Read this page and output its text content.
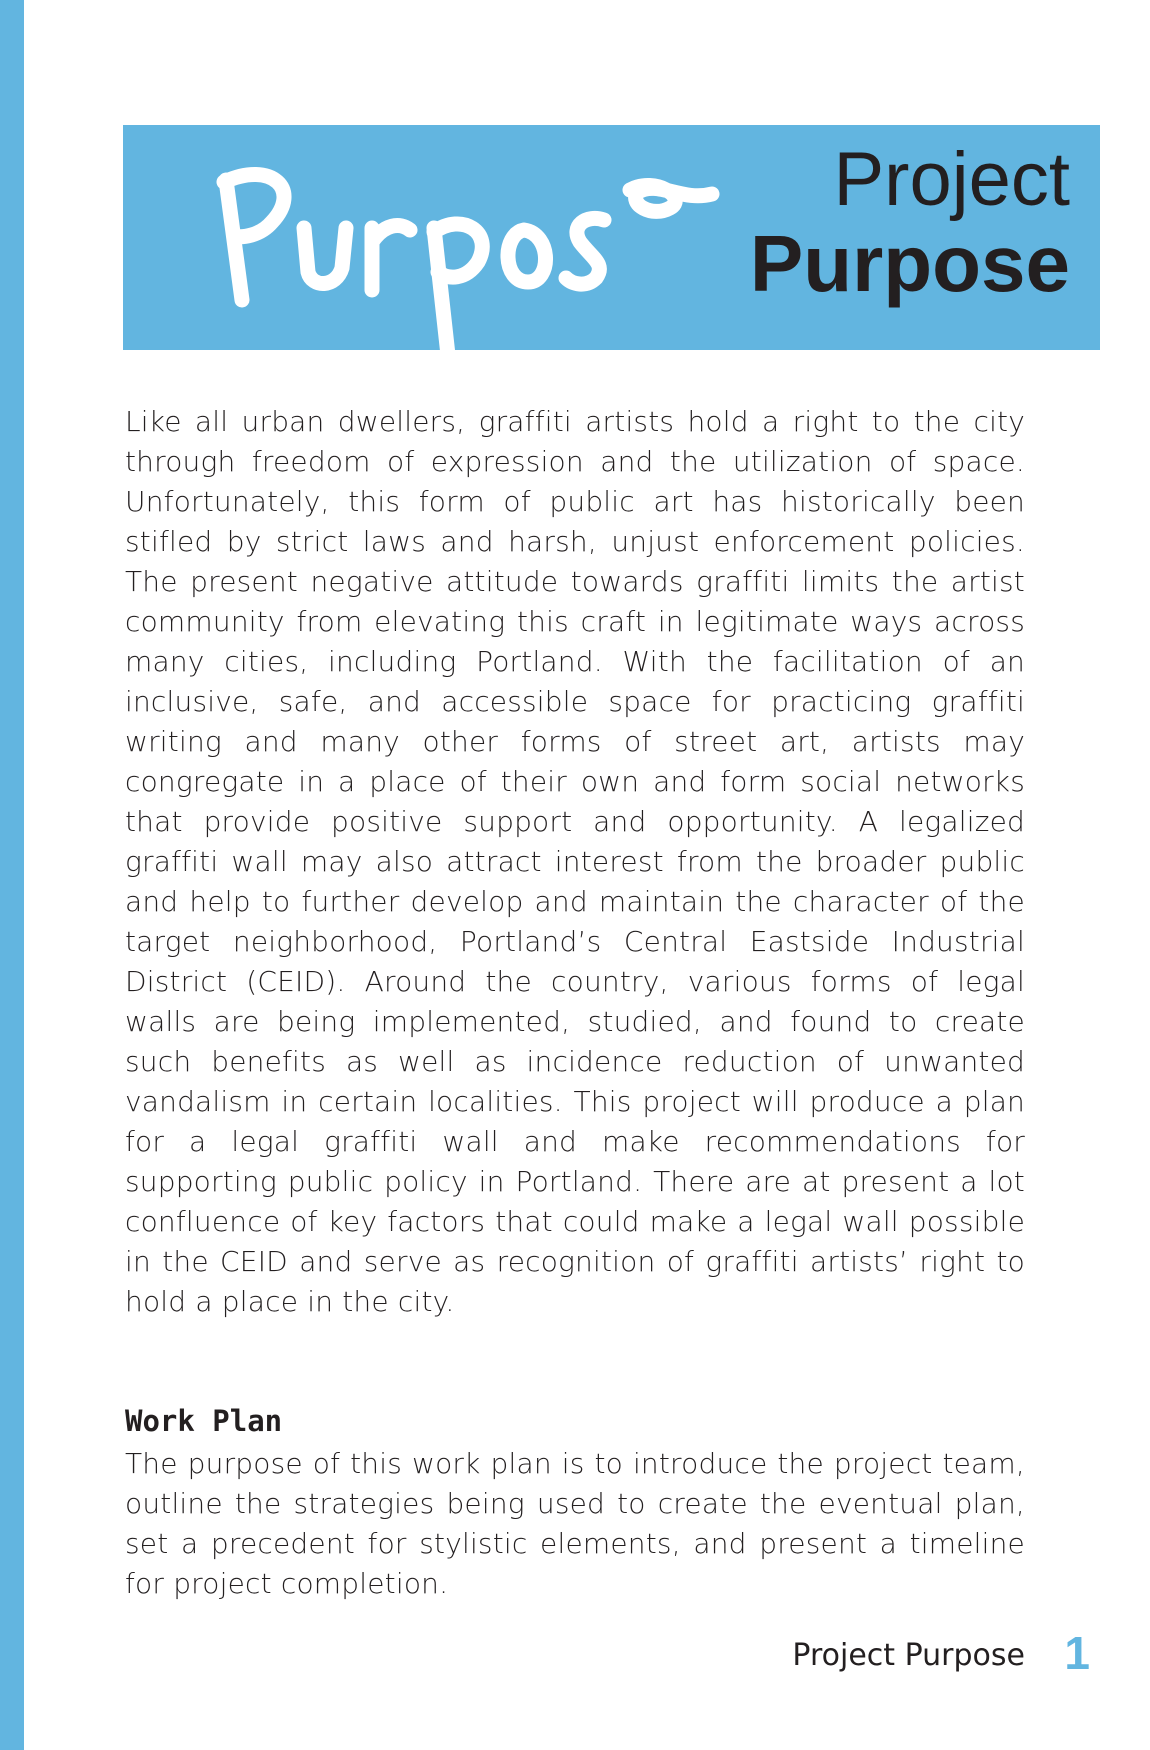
Project
Purpose

Like all urban dwellers, graffiti artists hold a right to the city through freedom of expression and the utilization of space. Unfortunately, this form of public art has historically been stifled by strict laws and harsh, unjust enforcement policies. The present negative attitude towards graffiti limits the artist community from elevating this craft in legitimate ways across many cities, including Portland. With the facilitation of an inclusive, safe, and accessible space for practicing graffiti writing and many other forms of street art, artists may congregate in a place of their own and form social networks that provide positive support and opportunity. A legalized graffiti wall may also attract interest from the broader public and help to further develop and maintain the character of the target neighborhood, Portland’s Central Eastside Industrial District (CEID). Around the country, various forms of legal walls are being implemented, studied, and found to create such benefits as well as incidence reduction of unwanted vandalism in certain localities. This project will produce a plan for a legal graffiti wall and make recommendations for supporting public policy in Portland. There are at present a lot confluence of key factors that could make a legal wall possible in the CEID and serve as recognition of graffiti artists’ right to hold a place in the city.

Work Plan

The purpose of this work plan is to introduce the project team, outline the strategies being used to create the eventual plan, set a precedent for stylistic elements, and present a timeline for project completion.

Project Purpose 1
